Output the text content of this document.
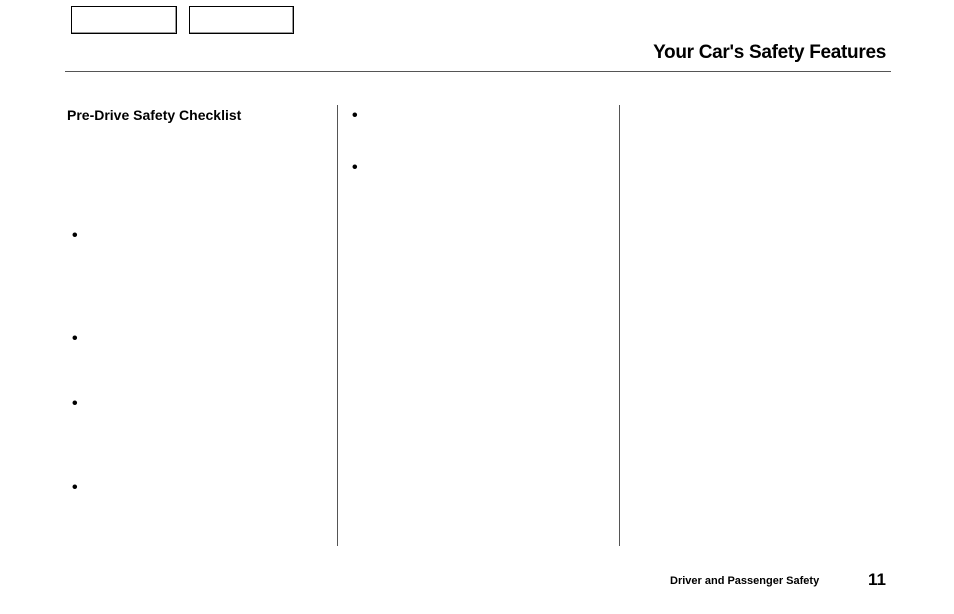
Your Car's Safety Features
Pre-Drive Safety Checklist
•
•
•
•
•
•
Driver and Passenger Safety	11
